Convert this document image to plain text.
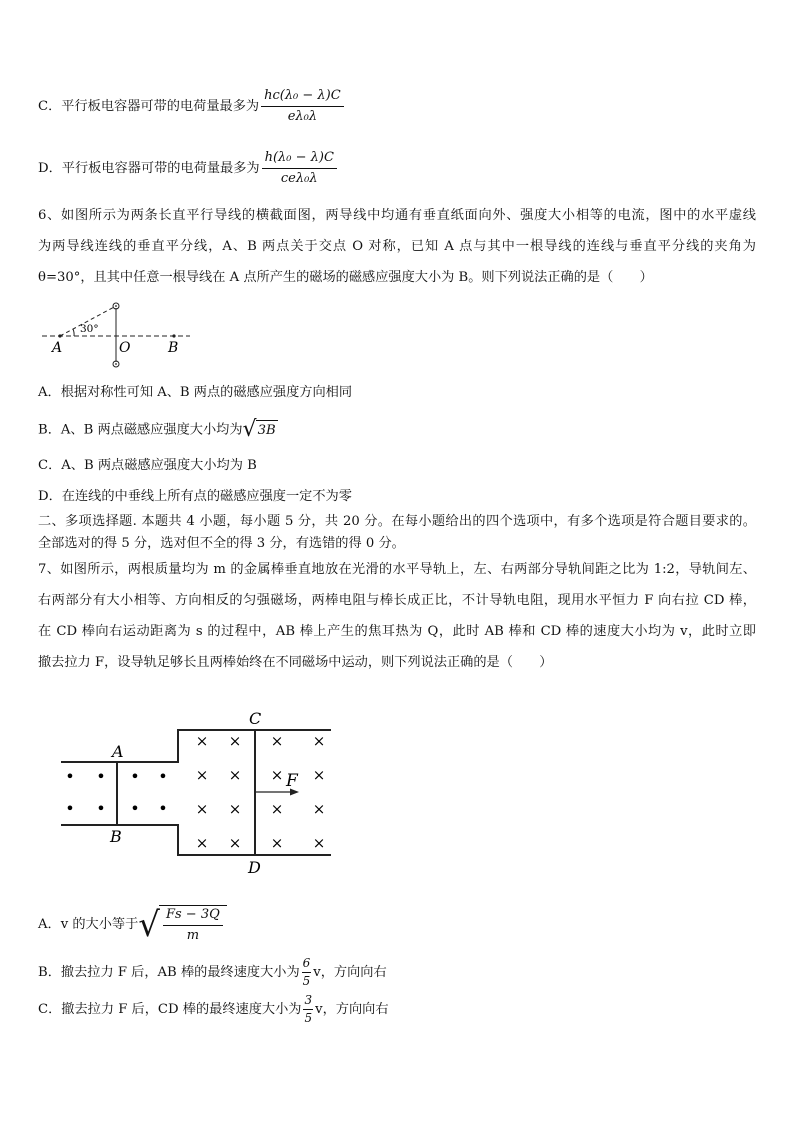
C．平行板电容器可带的电荷量最多为 $\frac{\text{hc(λ₀ − λ)C}}{\text{eλ₀λ}}$
D．平行板电容器可带的电荷量最多为 $\frac{\text{h(λ₀ − λ)C}}{\text{ceλ₀λ}}$
6、如图所示为两条长直平行导线的横截面图，两导线中均通有垂直纸面向外、强度大小相等的电流，图中的水平虚线
为两导线连线的垂直平分线，A、B 两点关于交点 O 对称，已知 A 点与其中一根导线的连线与垂直平分线的夹角为
θ=30°，且其中任意一根导线在 A 点所产生的磁场的磁感应强度大小为 B。则下列说法正确的是（　　）
30°
A	O	B
A．根据对称性可知 A、B 两点的磁感应强度方向相同
B．A、B 两点磁感应强度大小均为 √ 3B
C．A、B 两点磁感应强度大小均为 B
D．在连线的中垂线上所有点的磁感应强度一定不为零
二、多项选择题. 本题共 4 小题，每小题 5 分，共 20 分。在每小题给出的四个选项中，有多个选项是符合题目要求的。
全部选对的得 5 分，选对但不全的得 3 分，有选错的得 0 分。
7、如图所示，两根质量均为 m 的金属棒垂直地放在光滑的水平导轨上，左、右两部分导轨间距之比为 1:2，导轨间左、
右两部分有大小相等、方向相反的匀强磁场，两棒电阻与棒长成正比，不计导轨电阻，现用水平恒力 F 向右拉 CD 棒，
在 CD 棒向右运动距离为 s 的过程中，AB 棒上产生的焦耳热为 Q，此时 AB 棒和 CD 棒的速度大小均为 v，此时立即
撤去拉力 F，设导轨足够长且两棒始终在不同磁场中运动，则下列说法正确的是（　　）
• • • •
• • • •
× × × ×
× × × ×
× × × ×
× × × ×
A
B
C
D
F
A．v 的大小等于 √ $\frac{Fs - 3Q}{m}$
B．撤去拉力 F 后，AB 棒的最终速度大小为 $\frac{6}{5}$ v，方向向右
C．撤去拉力 F 后，CD 棒的最终速度大小为 $\frac{3}{5}$ v，方向向右
